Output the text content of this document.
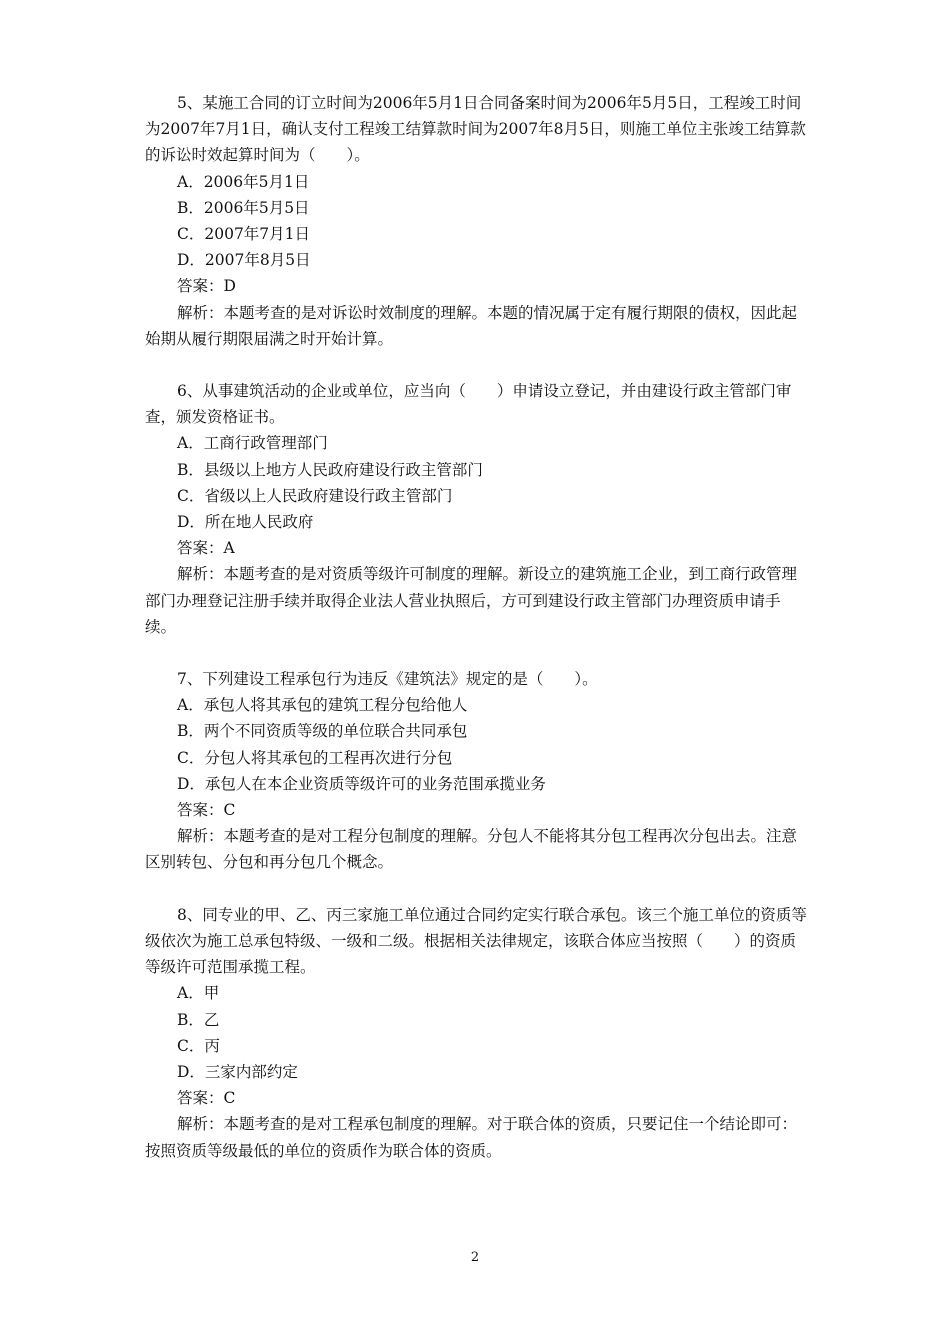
5、某施工合同的订立时间为2006年5月1日合同备案时间为2006年5月5日，工程竣工时间为2007年7月1日，确认支付工程竣工结算款时间为2007年8月5日，则施工单位主张竣工结算款的诉讼时效起算时间为（　　）。

A．2006年5月1日

B．2006年5月5日

C．2007年7月1日

D．2007年8月5日

答案：D

解析：本题考查的是对诉讼时效制度的理解。本题的情况属于定有履行期限的债权，因此起始期从履行期限届满之时开始计算。

6、从事建筑活动的企业或单位，应当向（　　）申请设立登记，并由建设行政主管部门审查，颁发资格证书。

A．工商行政管理部门

B．县级以上地方人民政府建设行政主管部门

C．省级以上人民政府建设行政主管部门

D．所在地人民政府

答案：A

解析：本题考查的是对资质等级许可制度的理解。新设立的建筑施工企业，到工商行政管理部门办理登记注册手续并取得企业法人营业执照后，方可到建设行政主管部门办理资质申请手续。

7、下列建设工程承包行为违反《建筑法》规定的是（　　）。

A．承包人将其承包的建筑工程分包给他人

B．两个不同资质等级的单位联合共同承包

C．分包人将其承包的工程再次进行分包

D．承包人在本企业资质等级许可的业务范围承揽业务

答案：C

解析：本题考查的是对工程分包制度的理解。分包人不能将其分包工程再次分包出去。注意区别转包、分包和再分包几个概念。

8、同专业的甲、乙、丙三家施工单位通过合同约定实行联合承包。该三个施工单位的资质等级依次为施工总承包特级、一级和二级。根据相关法律规定，该联合体应当按照（　　）的资质等级许可范围承揽工程。

A．甲

B．乙

C．丙

D．三家内部约定

答案：C

解析：本题考查的是对工程承包制度的理解。对于联合体的资质，只要记住一个结论即可：按照资质等级最低的单位的资质作为联合体的资质。

2
